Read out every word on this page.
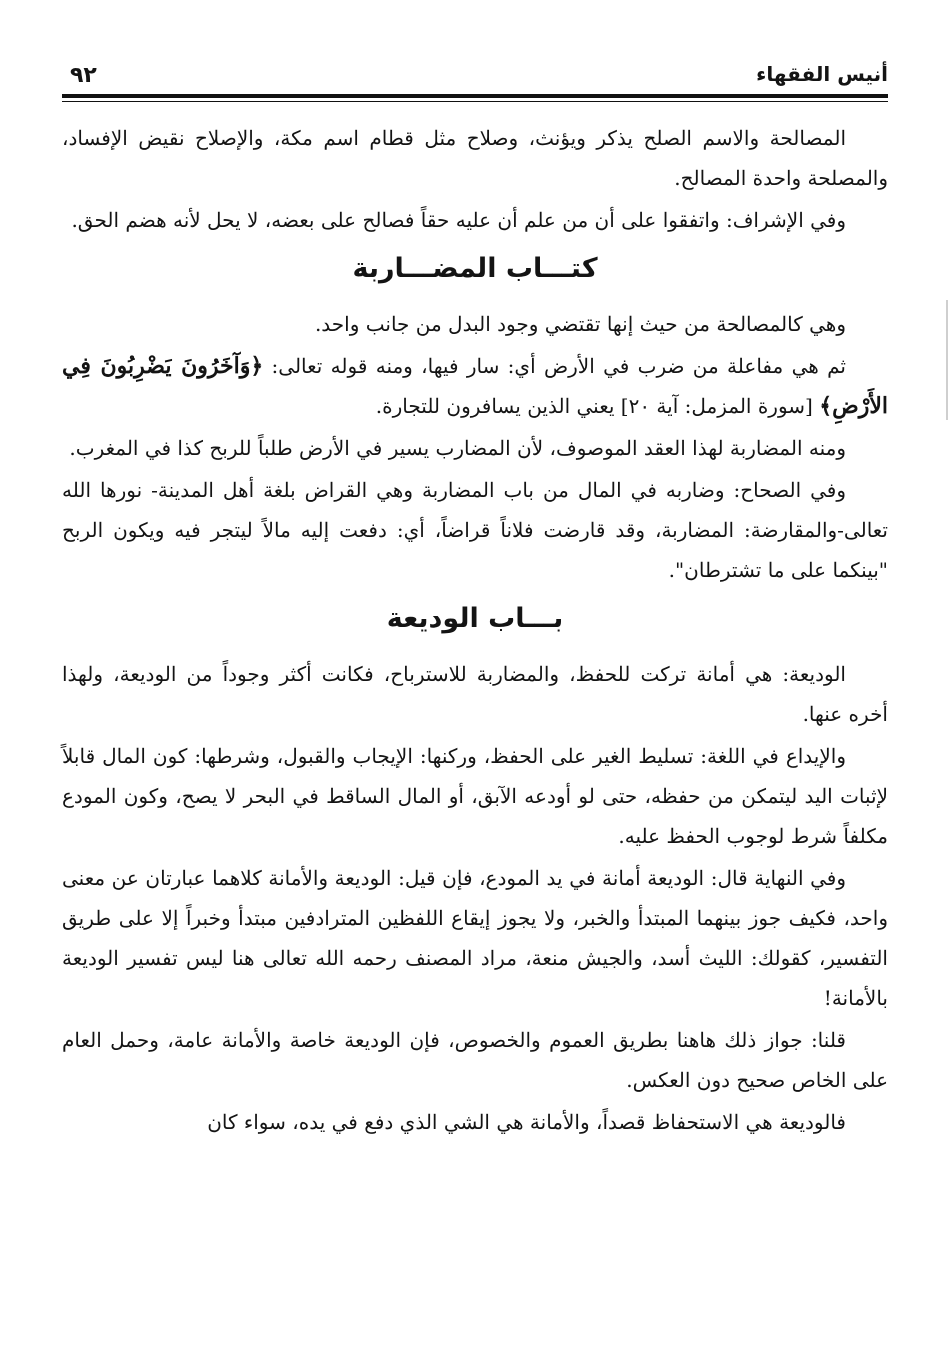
أنيس الفقهاء
٩٢

المصالحة والاسم الصلح يذكر ويؤنث، وصلاح مثل قطام اسم مكة، والإصلاح نقيض الإفساد، والمصلحة واحدة المصالح.

وفي الإشراف: واتفقوا على أن من علم أن عليه حقاً فصالح على بعضه، لا يحل لأنه هضم الحق.

كتـــاب المضـــاربة

وهي كالمصالحة من حيث إنها تقتضي وجود البدل من جانب واحد.

ثم هي مفاعلة من ضرب في الأرض أي: سار فيها، ومنه قوله تعالى: ﴿وَآخَرُونَ يَضْرِبُونَ فِي الأَرْضِ﴾ [سورة المزمل: آية ٢٠] يعني الذين يسافرون للتجارة.

ومنه المضاربة لهذا العقد الموصوف، لأن المضارب يسير في الأرض طلباً للربح كذا في المغرب.

وفي الصحاح: وضاربه في المال من باب المضاربة وهي القراض بلغة أهل المدينة- نورها الله تعالى-والمقارضة: المضاربة، وقد قارضت فلاناً قراضاً، أي: دفعت إليه مالاً ليتجر فيه ويكون الربح "بينكما على ما تشترطان".

بـــاب الوديعة

الوديعة: هي أمانة تركت للحفظ، والمضاربة للاسترباح، فكانت أكثر وجوداً من الوديعة، ولهذا أخره عنها.

والإيداع في اللغة: تسليط الغير على الحفظ، وركنها: الإيجاب والقبول، وشرطها: كون المال قابلاً لإثبات اليد ليتمكن من حفظه، حتى لو أودعه الآبق، أو المال الساقط في البحر لا يصح، وكون المودع مكلفاً شرط لوجوب الحفظ عليه.

وفي النهاية قال: الوديعة أمانة في يد المودع، فإن قيل: الوديعة والأمانة كلاهما عبارتان عن معنى واحد، فكيف جوز بينهما المبتدأ والخبر، ولا يجوز إيقاع اللفظين المترادفين مبتدأ وخبراً إلا على طريق التفسير، كقولك: الليث أسد، والجيش منعة، مراد المصنف رحمه الله تعالى هنا ليس تفسير الوديعة بالأمانة!

قلنا: جواز ذلك هاهنا بطريق العموم والخصوص، فإن الوديعة خاصة والأمانة عامة، وحمل العام على الخاص صحيح دون العكس.

فالوديعة هي الاستحفاظ قصداً، والأمانة هي الشي الذي دفع في يده، سواء كان
